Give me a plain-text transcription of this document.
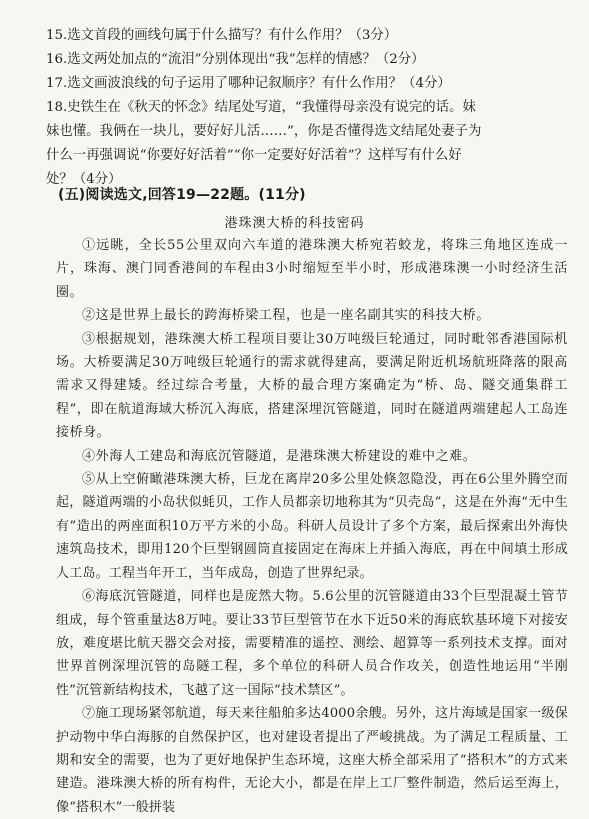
15.选文首段的画线句属于什么描写？有什么作用？（3分）

16.选文两处加点的“流泪”分别体现出“我”怎样的情感？（2分）

17.选文画波浪线的句子运用了哪种记叙顺序？有什么作用？（4分）

18.史铁生在《秋天的怀念》结尾处写道，“我懂得母亲没有说完的话。妹

妹也懂。我俩在一块儿，要好好儿活……”，你是否懂得选文结尾处妻子为

什么一再强调说“你要好好活着”“你一定要好好活着”？这样写有什么好

处？（4分）

(五)阅读选文,回答19—22题。(11分)
港珠澳大桥的科技密码

①远眺，全长55公里双向六车道的港珠澳大桥宛若蛟龙，将珠三角地区连成一片，珠海、澳门同香港间的车程由3小时缩短至半小时，形成港珠澳一小时经济生活圈。

②这是世界上最长的跨海桥梁工程，也是一座名副其实的科技大桥。

③根据规划，港珠澳大桥工程项目要让30万吨级巨轮通过，同时毗邻香港国际机场。大桥要满足30万吨级巨轮通行的需求就得建高，要满足附近机场航班降落的限高需求又得建矮。经过综合考量，大桥的最合理方案确定为“桥、岛、隧交通集群工程”，即在航道海域大桥沉入海底，搭建深埋沉管隧道，同时在隧道两端建起人工岛连接桥身。

④外海人工建岛和海底沉管隧道，是港珠澳大桥建设的难中之难。

⑤从上空俯瞰港珠澳大桥，巨龙在离岸20多公里处倏忽隐没，再在6公里外腾空而起，隧道两端的小岛状似蚝贝，工作人员都亲切地称其为“贝壳岛”，这是在外海“无中生有”造出的两座面积10万平方米的小岛。科研人员设计了多个方案，最后探索出外海快速筑岛技术，即用120个巨型钢圆筒直接固定在海床上并插入海底，再在中间填土形成人工岛。工程当年开工，当年成岛，创造了世界纪录。

⑥海底沉管隧道，同样也是庞然大物。5.6公里的沉管隧道由33个巨型混凝土管节组成，每个管重量达8万吨。要让33节巨型管节在水下近50米的海底软基环境下对接安放，难度堪比航天器交会对接，需要精准的遥控、测绘、超算等一系列技术支撑。面对世界首例深埋沉管的岛隧工程，多个单位的科研人员合作攻关，创造性地运用“半刚性”沉管新结构技术，飞越了这一国际“技术禁区”。

⑦施工现场紧邻航道，每天来往船舶多达4000余艘。另外，这片海域是国家一级保护动物中华白海豚的自然保护区，也对建设者提出了严峻挑战。为了满足工程质量、工期和安全的需要，也为了更好地保护生态环境，这座大桥全部采用了“搭积木”的方式来建造。港珠澳大桥的所有构件，无论大小，都是在岸上工厂整件制造，然后运至海上，像“搭积木”一般拼装
